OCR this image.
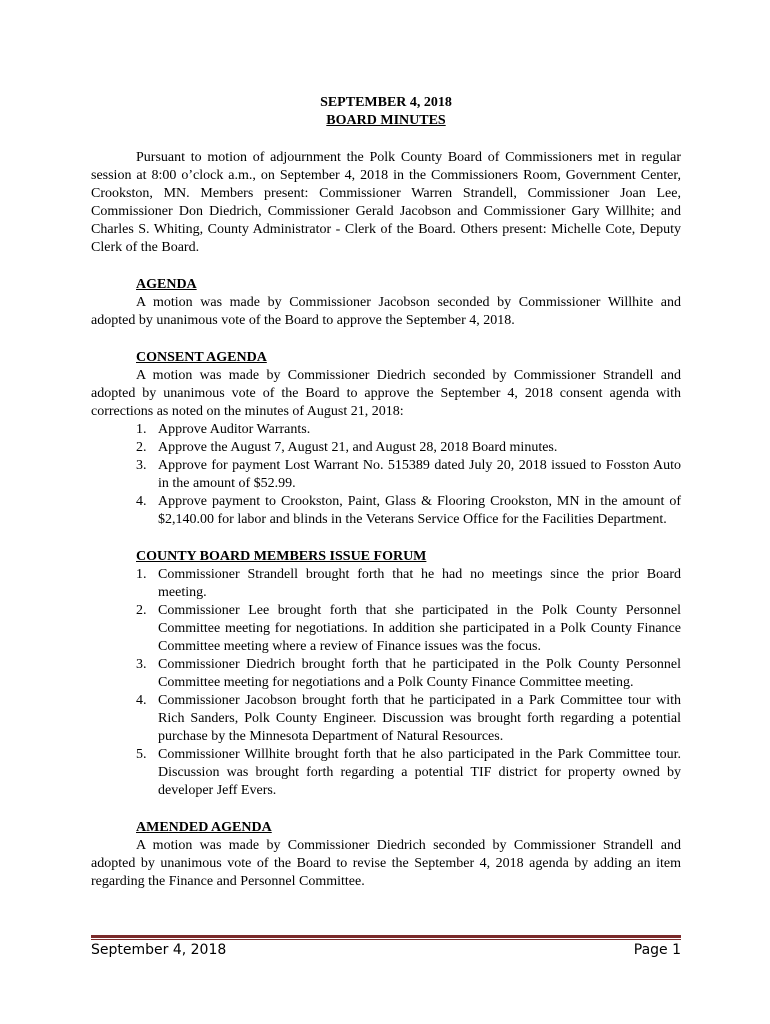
SEPTEMBER 4, 2018

BOARD MINUTES

Pursuant to motion of adjournment the Polk County Board of Commissioners met in regular session at 8:00 o’clock a.m., on September 4, 2018 in the Commissioners Room, Government Center, Crookston, MN. Members present: Commissioner Warren Strandell, Commissioner Joan Lee, Commissioner Don Diedrich, Commissioner Gerald Jacobson and Commissioner Gary Willhite; and Charles S. Whiting, County Administrator - Clerk of the Board. Others present: Michelle Cote, Deputy Clerk of the Board.

AGENDA

A motion was made by Commissioner Jacobson seconded by Commissioner Willhite and adopted by unanimous vote of the Board to approve the September 4, 2018.

CONSENT AGENDA

A motion was made by Commissioner Diedrich seconded by Commissioner Strandell and adopted by unanimous vote of the Board to approve the September 4, 2018 consent agenda with corrections as noted on the minutes of August 21, 2018:

1. Approve Auditor Warrants.
2. Approve the August 7, August 21, and August 28, 2018 Board minutes.
3. Approve for payment Lost Warrant No. 515389 dated July 20, 2018 issued to Fosston Auto in the amount of $52.99.
4. Approve payment to Crookston, Paint, Glass & Flooring Crookston, MN in the amount of $2,140.00 for labor and blinds in the Veterans Service Office for the Facilities Department.

COUNTY BOARD MEMBERS ISSUE FORUM

1. Commissioner Strandell brought forth that he had no meetings since the prior Board meeting.
2. Commissioner Lee brought forth that she participated in the Polk County Personnel Committee meeting for negotiations. In addition she participated in a Polk County Finance Committee meeting where a review of Finance issues was the focus.
3. Commissioner Diedrich brought forth that he participated in the Polk County Personnel Committee meeting for negotiations and a Polk County Finance Committee meeting.
4. Commissioner Jacobson brought forth that he participated in a Park Committee tour with Rich Sanders, Polk County Engineer. Discussion was brought forth regarding a potential purchase by the Minnesota Department of Natural Resources.
5. Commissioner Willhite brought forth that he also participated in the Park Committee tour. Discussion was brought forth regarding a potential TIF district for property owned by developer Jeff Evers.

AMENDED AGENDA

A motion was made by Commissioner Diedrich seconded by Commissioner Strandell and adopted by unanimous vote of the Board to revise the September 4, 2018 agenda by adding an item regarding the Finance and Personnel Committee.

September 4, 2018	Page 1
